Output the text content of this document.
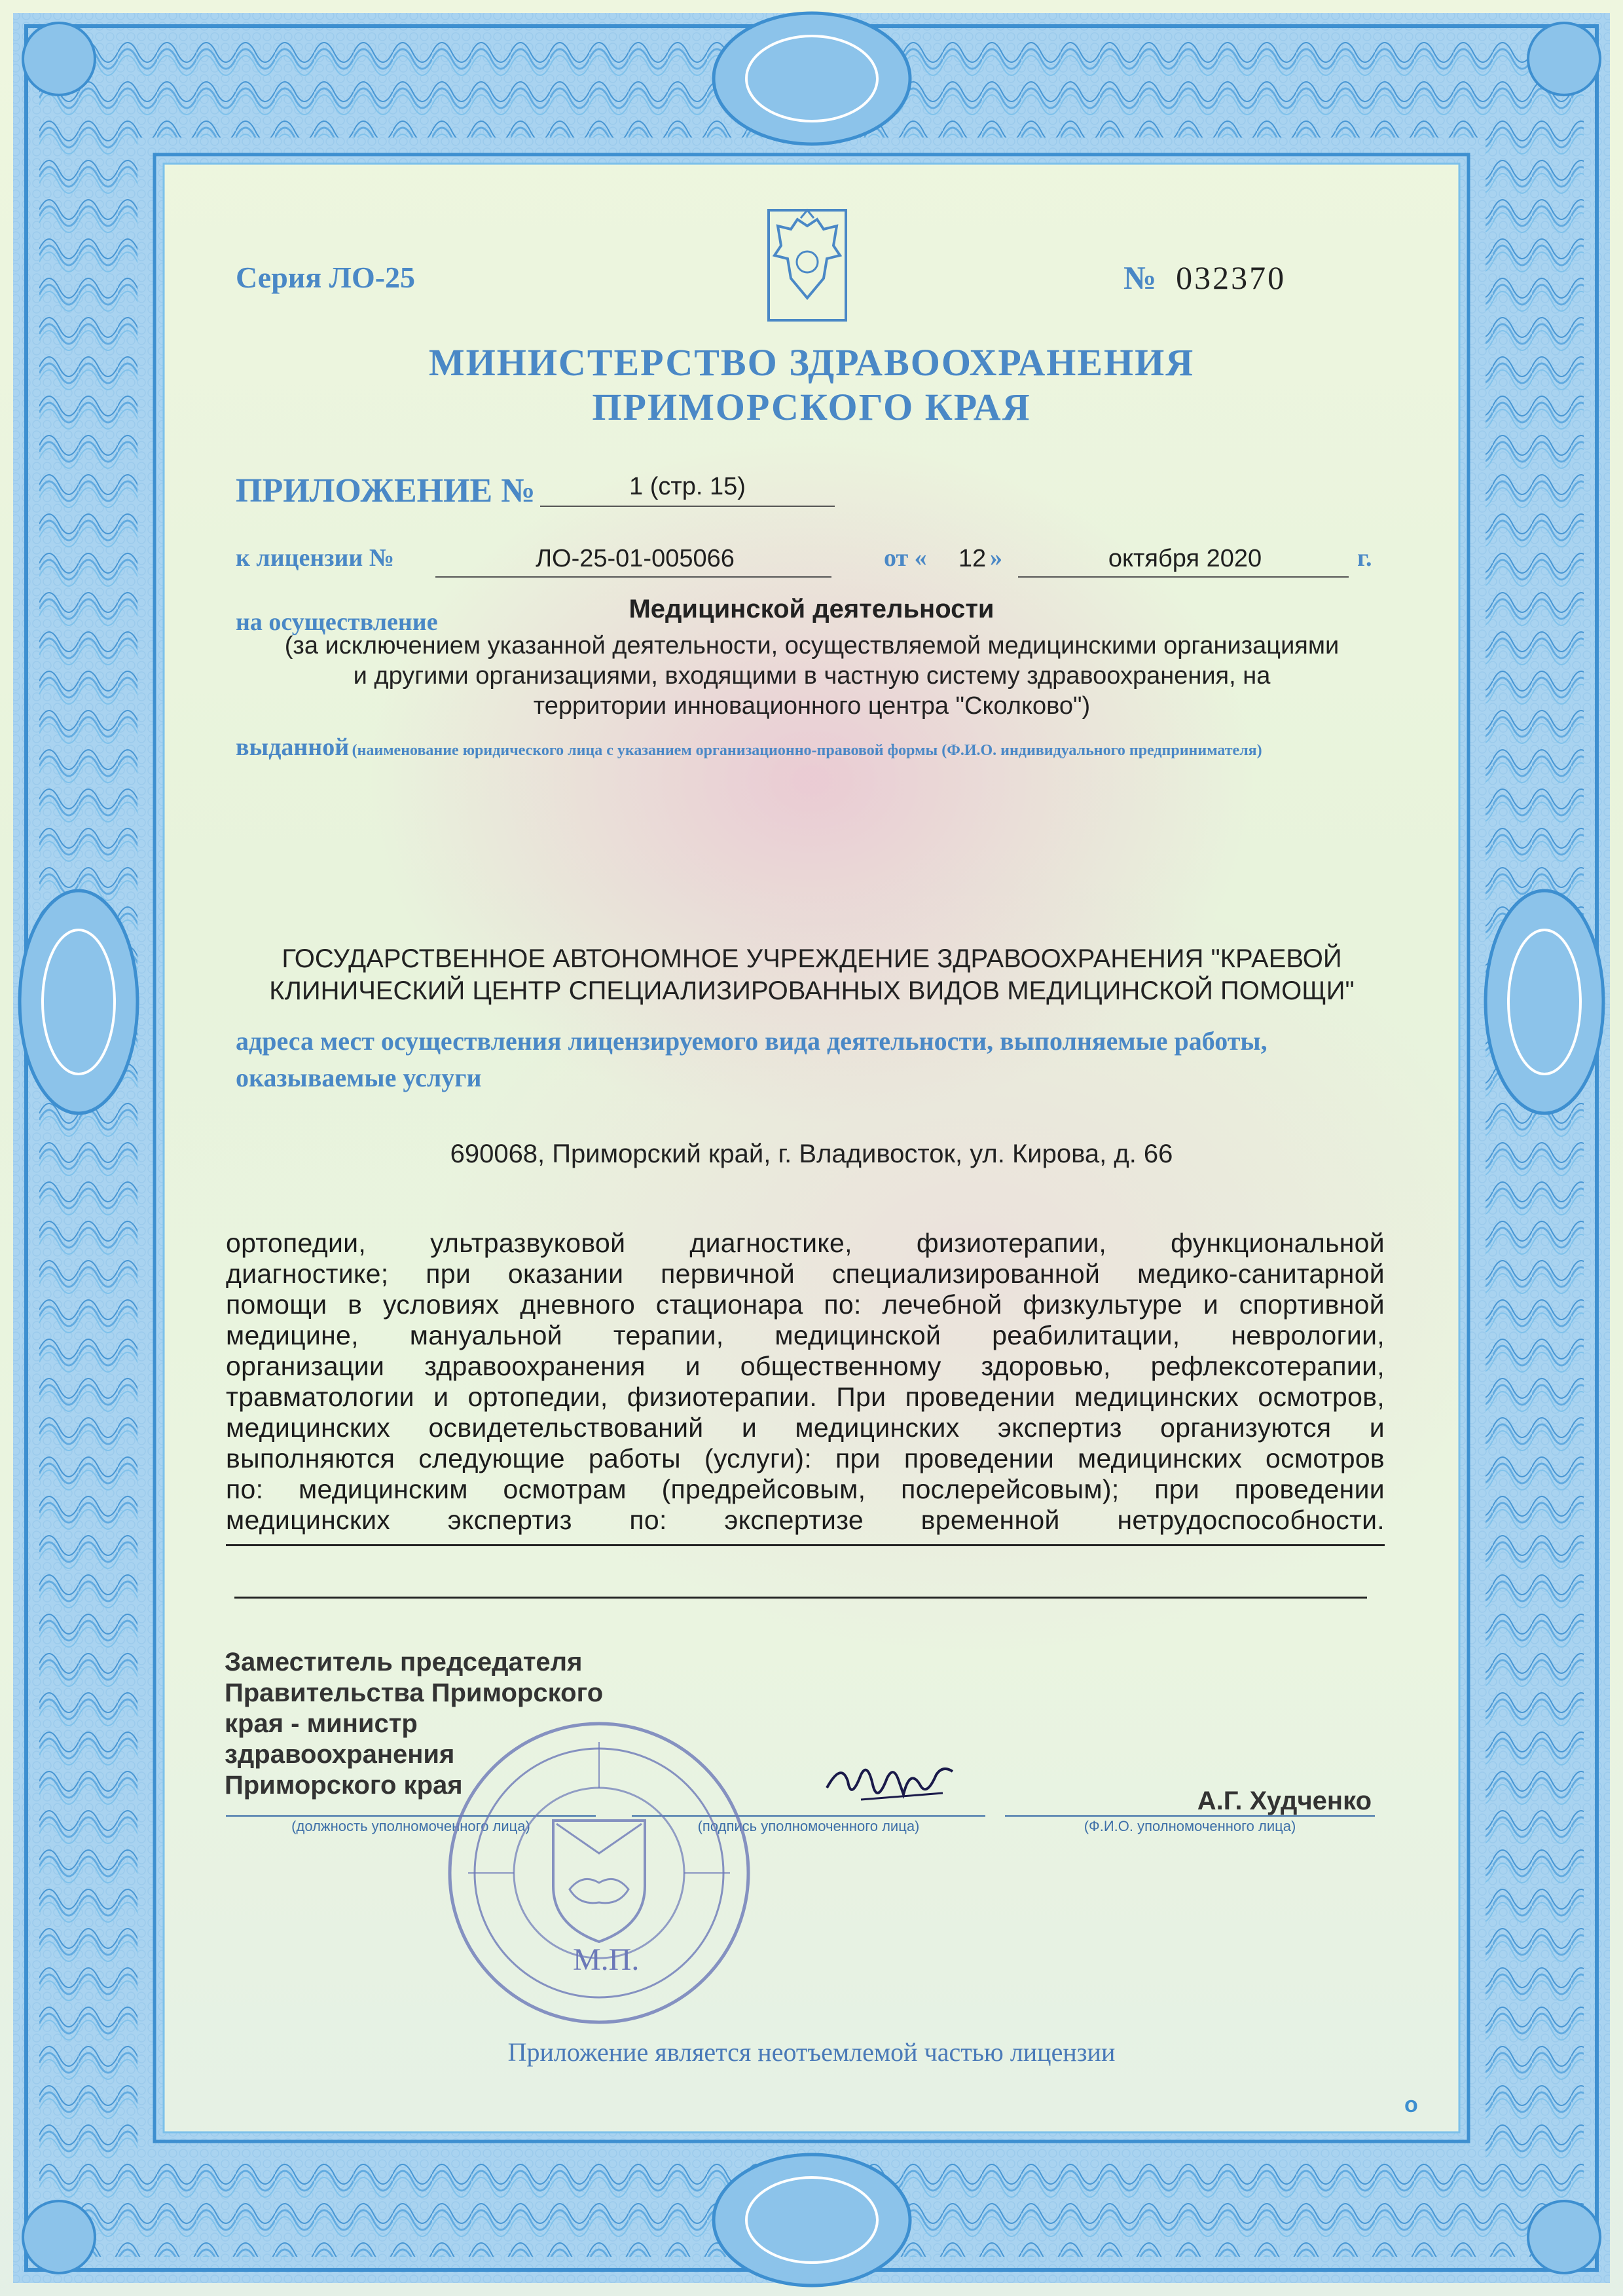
Серия ЛО-25	№ 032370
МИНИСТЕРСТВО ЗДРАВООХРАНЕНИЯ
ПРИМОРСКОГО КРАЯ
ПРИЛОЖЕНИЕ №	1 (стр. 15)
к лицензии №	ЛО-25-01-005066	от «	12 »	октября 2020	г.
на осуществление	Медицинской деятельности
(за исключением указанной деятельности, осуществляемой медицинскими организациями
и другими организациями, входящими в частную систему здравоохранения, на
территории инновационного центра "Сколково")
выданной (наименование юридического лица с указанием организационно-правовой формы (Ф.И.О. индивидуального предпринимателя)
ГОСУДАРСТВЕННОЕ АВТОНОМНОЕ УЧРЕЖДЕНИЕ ЗДРАВООХРАНЕНИЯ "КРАЕВОЙ
КЛИНИЧЕСКИЙ ЦЕНТР СПЕЦИАЛИЗИРОВАННЫХ ВИДОВ МЕДИЦИНСКОЙ ПОМОЩИ"
адреса мест осуществления лицензируемого вида деятельности, выполняемые работы,
оказываемые услуги
690068, Приморский край, г. Владивосток, ул. Кирова, д. 66
ортопедии, ультразвуковой диагностике, физиотерапии, функциональной
диагностике; при оказании первичной специализированной медико-санитарной
помощи в условиях дневного стационара по: лечебной физкультуре и спортивной
медицине, мануальной терапии, медицинской реабилитации, неврологии,
организации здравоохранения и общественному здоровью, рефлексотерапии,
травматологии и ортопедии, физиотерапии. При проведении медицинских осмотров,
медицинских освидетельствований и медицинских экспертиз организуются и
выполняются следующие работы (услуги): при проведении медицинских осмотров
по: медицинским осмотрам (предрейсовым, послерейсовым); при проведении
медицинских экспертиз по: экспертизе временной нетрудоспособности.
Заместитель председателя
Правительства Приморского
края - министр
здравоохранения
Приморского края
(должность уполномоченного лица)	(подпись уполномоченного лица)
А.Г. Худченко
(Ф.И.О. уполномоченного лица)
М.П.
Приложение является неотъемлемой частью лицензии
о
